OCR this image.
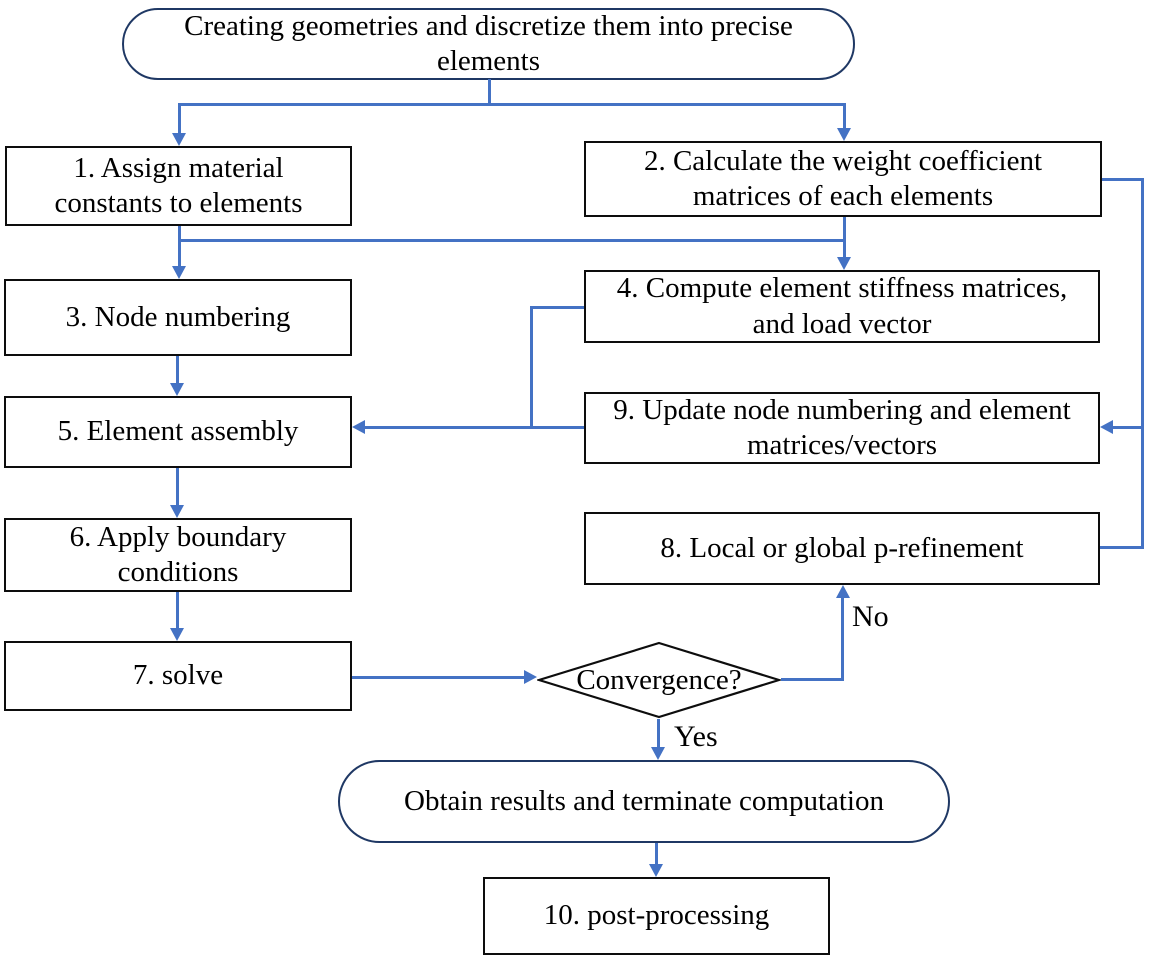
Creating geometries and discretize them into precise elements
1. Assign material constants to elements
2. Calculate the weight coefficient matrices of each elements
3. Node numbering
4. Compute element stiffness matrices, and load vector
5. Element assembly
9. Update node numbering and element matrices/vectors
6. Apply boundary conditions
8. Local or global p-refinement
7. solve	Convergence?
Obtain results and terminate computation
10. post-processing
No
Yes
